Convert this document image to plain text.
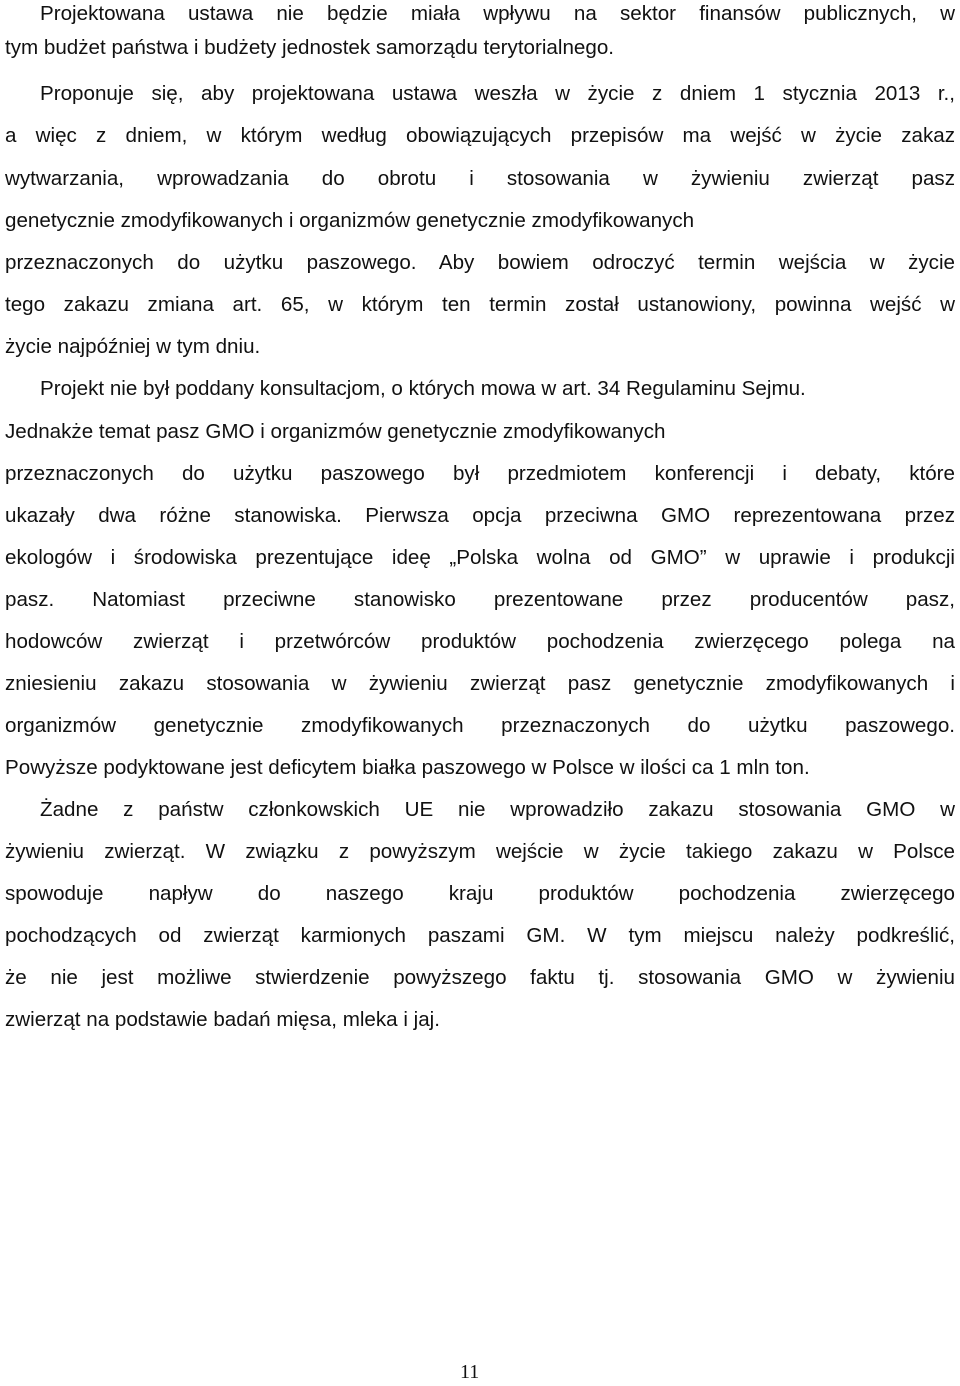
Projektowana ustawa nie będzie miała wpływu na sektor finansów publicznych, w
tym budżet państwa i budżety jednostek samorządu terytorialnego.
Proponuje się, aby projektowana ustawa weszła w życie z dniem 1 stycznia 2013 r.,
a więc z dniem, w którym według obowiązujących przepisów ma wejść w życie zakaz
wytwarzania, wprowadzania do obrotu i stosowania w żywieniu zwierząt pasz
genetycznie zmodyfikowanych i organizmów genetycznie zmodyfikowanych
przeznaczonych do użytku paszowego. Aby bowiem odroczyć termin wejścia w życie
tego zakazu zmiana art. 65, w którym ten termin został ustanowiony, powinna wejść w
życie najpóźniej w tym dniu.
Projekt nie był poddany konsultacjom, o których mowa w art. 34 Regulaminu Sejmu.
Jednakże temat pasz GMO i organizmów genetycznie zmodyfikowanych
przeznaczonych do użytku paszowego był przedmiotem konferencji i debaty, które
ukazały dwa różne stanowiska. Pierwsza opcja przeciwna GMO reprezentowana przez
ekologów i środowiska prezentujące ideę „Polska wolna od GMO” w uprawie i produkcji
pasz. Natomiast przeciwne stanowisko prezentowane przez producentów pasz,
hodowców zwierząt i przetwórców produktów pochodzenia zwierzęcego polega na
zniesieniu zakazu stosowania w żywieniu zwierząt pasz genetycznie zmodyfikowanych i
organizmów genetycznie zmodyfikowanych przeznaczonych do użytku paszowego.
Powyższe podyktowane jest deficytem białka paszowego w Polsce w ilości ca 1 mln ton.
Żadne z państw członkowskich UE nie wprowadziło zakazu stosowania GMO w
żywieniu zwierząt. W związku z powyższym wejście w życie takiego zakazu w Polsce
spowoduje napływ do naszego kraju produktów pochodzenia zwierzęcego
pochodzących od zwierząt karmionych paszami GM. W tym miejscu należy podkreślić,
że nie jest możliwe stwierdzenie powyższego faktu tj. stosowania GMO w żywieniu
zwierząt na podstawie badań mięsa, mleka i jaj.
11
